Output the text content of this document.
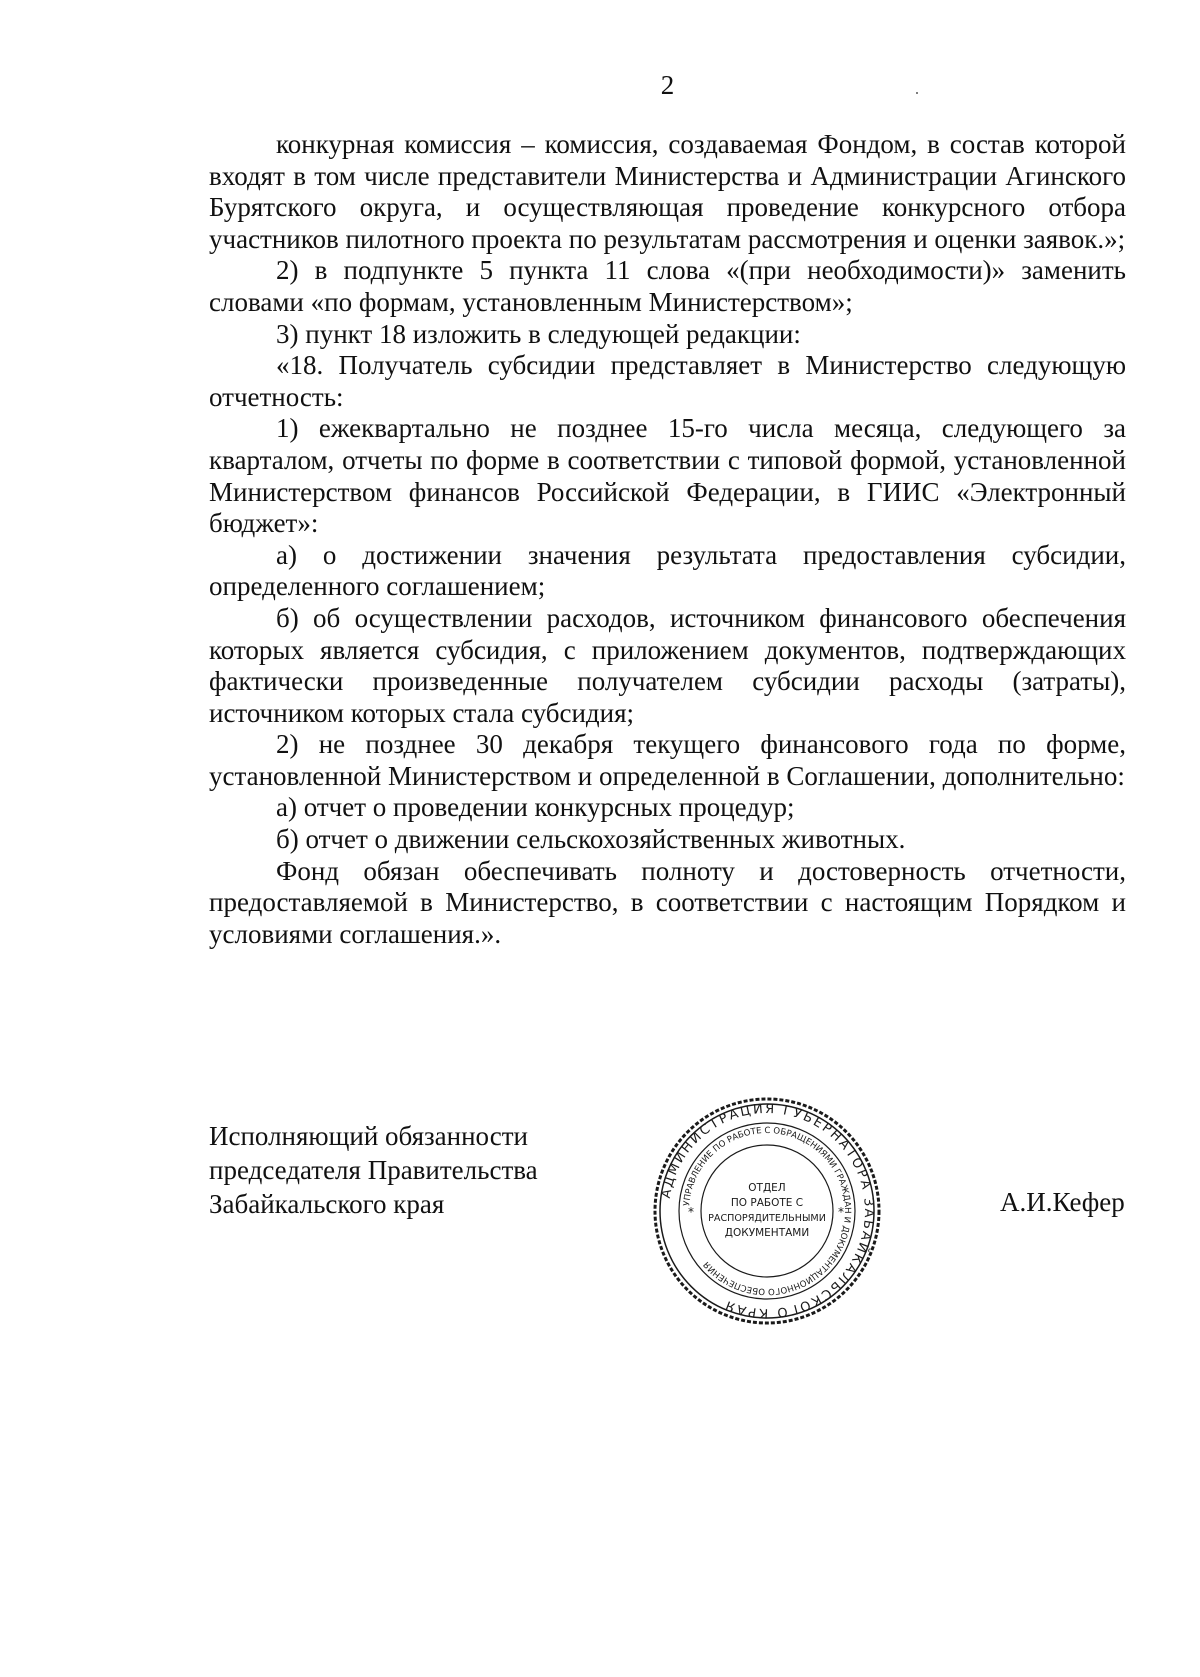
2

конкурная комиссия – комиссия, создаваемая Фондом, в состав которой входят в том числе представители Министерства и Администрации Агинского Бурятского округа, и осуществляющая проведение конкурсного отбора участников пилотного проекта по результатам рассмотрения и оценки заявок.»;

2) в подпункте 5 пункта 11 слова «(при необходимости)» заменить словами «по формам, установленным Министерством»;

3) пункт 18 изложить в следующей редакции:

«18. Получатель субсидии представляет в Министерство следующую отчетность:

1) ежеквартально не позднее 15-го числа месяца, следующего за кварталом, отчеты по форме в соответствии с типовой формой, установленной Министерством финансов Российской Федерации, в ГИИС «Электронный бюджет»:

а) о достижении значения результата предоставления субсидии, определенного соглашением;

б) об осуществлении расходов, источником финансового обеспечения которых является субсидия, с приложением документов, подтверждающих фактически произведенные получателем субсидии расходы (затраты), источником которых стала субсидия;

2) не позднее 30 декабря текущего финансового года по форме, установленной Министерством и определенной в Соглашении, дополнительно:

а) отчет о проведении конкурсных процедур;

б) отчет о движении сельскохозяйственных животных.

Фонд обязан обеспечивать полноту и достоверность отчетности, предоставляемой в Министерство, в соответствии с настоящим Порядком и условиями соглашения.».

Исполняющий обязанности
председателя Правительства
Забайкальского края	АДМИНИСТРАЦИЯ ГУБЕРНАТОРА ЗАБАЙКАЛЬСКОГО КРАЯ
УПРАВЛЕНИЕ ПО РАБОТЕ С ОБРАЩЕНИЯМИ ГРАЖДАН И ДОКУМЕНТАЦИОННОГО ОБЕСПЕЧЕНИЯ
ОТДЕЛ
ПО РАБОТЕ С
РАСПОРЯДИТЕЛЬНЫМИ
ДОКУМЕНТАМИ
*	*	А.И.Кефер
